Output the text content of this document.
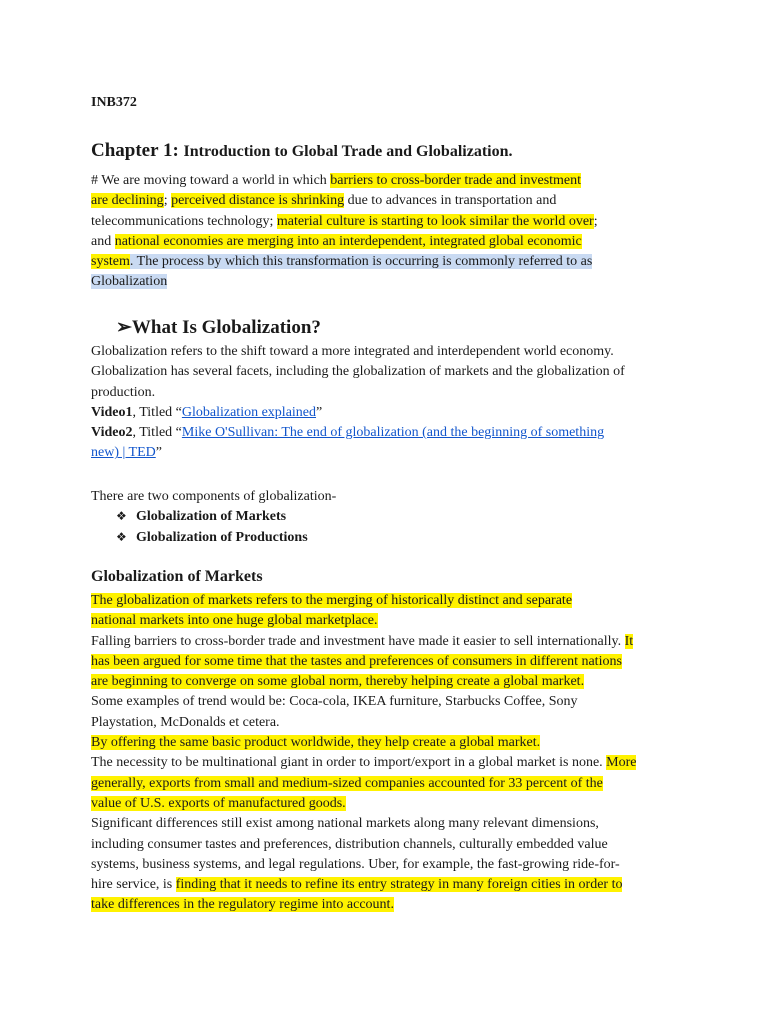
INB372
Chapter 1: Introduction to Global Trade and Globalization.
# We are moving toward a world in which barriers to cross-border trade and investment
are declining; perceived distance is shrinking due to advances in transportation and
telecommunications technology; material culture is starting to look similar the world over;
and national economies are merging into an interdependent, integrated global economic
system. The process by which this transformation is occurring is commonly referred to as
Globalization
➢What Is Globalization?
Globalization refers to the shift toward a more integrated and interdependent world economy.
Globalization has several facets, including the globalization of markets and the globalization of
production.
Video1, Titled “Globalization explained”
Video2, Titled “Mike O'Sullivan: The end of globalization (and the beginning of something
new) | TED”
There are two components of globalization-
❖ Globalization of Markets
❖ Globalization of Productions
Globalization of Markets
The globalization of markets refers to the merging of historically distinct and separate
national markets into one huge global marketplace.
Falling barriers to cross-border trade and investment have made it easier to sell internationally. It
has been argued for some time that the tastes and preferences of consumers in different nations
are beginning to converge on some global norm, thereby helping create a global market.
Some examples of trend would be: Coca-cola, IKEA furniture, Starbucks Coffee, Sony
Playstation, McDonalds et cetera.
By offering the same basic product worldwide, they help create a global market.
The necessity to be multinational giant in order to import/export in a global market is none. More
generally, exports from small and medium-sized companies accounted for 33 percent of the
value of U.S. exports of manufactured goods.
Significant differences still exist among national markets along many relevant dimensions,
including consumer tastes and preferences, distribution channels, culturally embedded value
systems, business systems, and legal regulations. Uber, for example, the fast-growing ride-for-
hire service, is finding that it needs to refine its entry strategy in many foreign cities in order to
take differences in the regulatory regime into account.
